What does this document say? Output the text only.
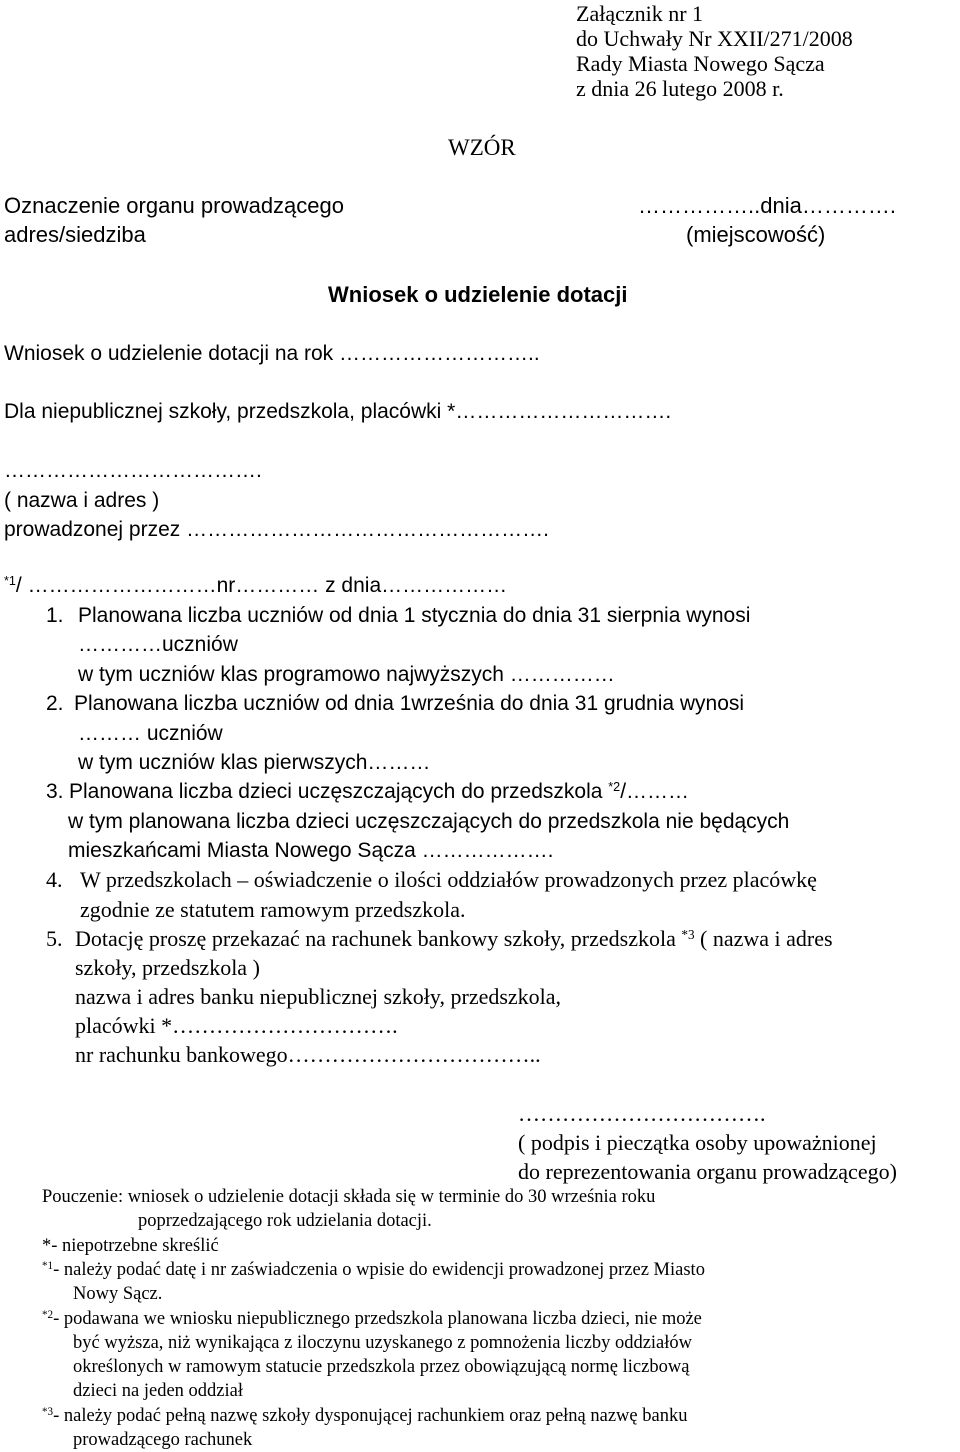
Załącznik nr 1
do Uchwały Nr XXII/271/2008
Rady Miasta Nowego Sącza
z dnia 26 lutego 2008 r.
WZÓR
Oznaczenie organu prowadzącego
adres/siedziba
……………..dnia………….
(miejscowość)
Wniosek o udzielenie dotacji
Wniosek o udzielenie dotacji na rok ………………………..
Dla niepublicznej szkoły, przedszkola, placówki *………………………….
……………………………….
( nazwa i adres )
prowadzonej przez …………………………………………….
$^{*1}$/ ………………………nr………… z dnia………………
1. Planowana liczba uczniów od dnia 1 stycznia do dnia 31 sierpnia wynosi
…………uczniów
w tym uczniów klas programowo najwyższych ……………
2. Planowana liczba uczniów od dnia 1września do dnia 31 grudnia wynosi
……… uczniów
w tym uczniów klas pierwszych………
3. Planowana liczba dzieci uczęszczających do przedszkola $^{*2}$/………
w tym planowana liczba dzieci uczęszczających do przedszkola nie będących
mieszkańcami Miasta Nowego Sącza ……………….
4. W przedszkolach – oświadczenie o ilości oddziałów prowadzonych przez placówkę
zgodnie ze statutem ramowym przedszkola.
5. Dotację proszę przekazać na rachunek bankowy szkoły, przedszkola $^{*3}$ ( nazwa i adres
szkoły, przedszkola )
nazwa i adres banku niepublicznej szkoły, przedszkola,
placówki *………………………….
nr rachunku bankowego……………………………..
…………………………….
( podpis i pieczątka osoby upoważnionej
do reprezentowania organu prowadzącego)
Pouczenie: wniosek o udzielenie dotacji składa się w terminie do 30 września roku
poprzedzającego rok udzielania dotacji.
*- niepotrzebne skreślić
$^{*1}$- należy podać datę i nr zaświadczenia o wpisie do ewidencji prowadzonej przez Miasto
Nowy Sącz.
$^{*2}$- podawana we wniosku niepublicznego przedszkola planowana liczba dzieci, nie może
być wyższa, niż wynikająca z iloczynu uzyskanego z pomnożenia liczby oddziałów
określonych w ramowym statucie przedszkola przez obowiązującą normę liczbową
dzieci na jeden oddział
$^{*3}$- należy podać pełną nazwę szkoły dysponującej rachunkiem oraz pełną nazwę banku
prowadzącego rachunek
